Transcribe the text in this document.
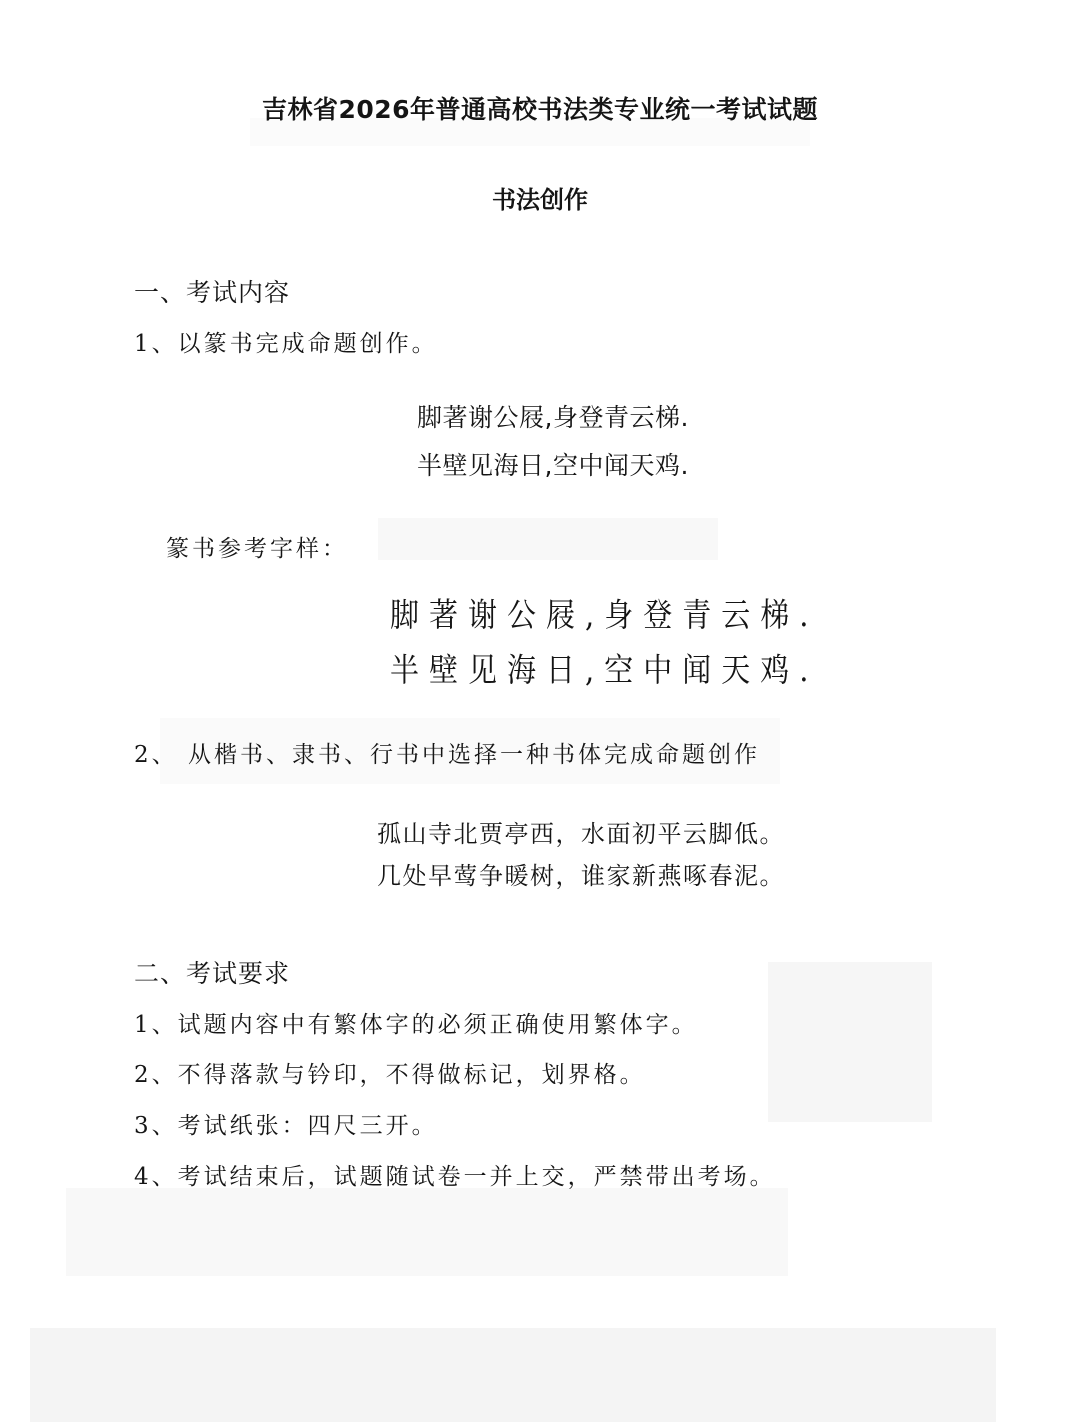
吉林省2026年普通高校书法类专业统一考试试题
书法创作
一、考试内容
1、以篆书完成命题创作。
脚著谢公屐,身登青云梯.
半壁见海日,空中闻天鸡.
篆书参考字样：
脚著谢公屐,身登青云梯.
半壁见海日,空中闻天鸡.
2、 从楷书、隶书、行书中选择一种书体完成命题创作
孤山寺北贾亭西，水面初平云脚低。
几处早莺争暖树，谁家新燕啄春泥。
二、考试要求
1、试题内容中有繁体字的必须正确使用繁体字。
2、不得落款与钤印，不得做标记，划界格。
3、考试纸张：四尺三开。
4、考试结束后，试题随试卷一并上交，严禁带出考场。
